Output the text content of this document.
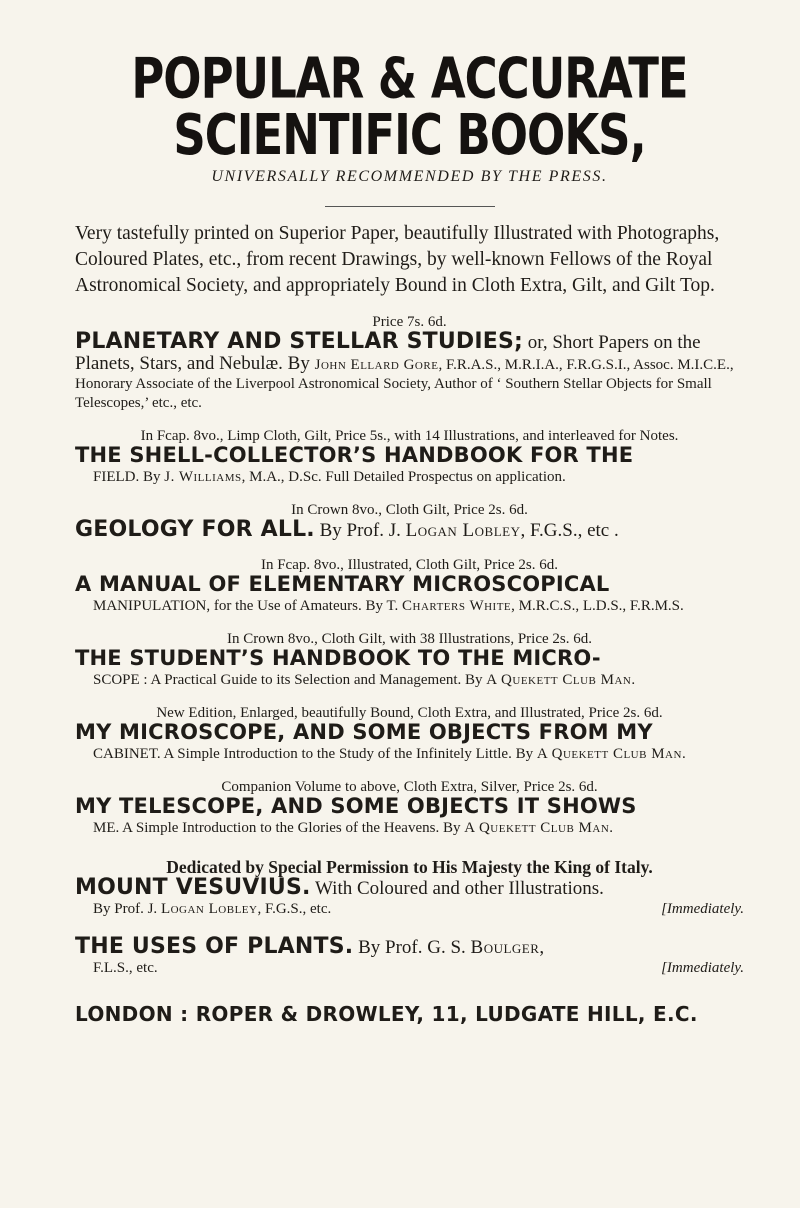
POPULAR & ACCURATE SCIENTIFIC BOOKS,
UNIVERSALLY RECOMMENDED BY THE PRESS.

Very tastefully printed on Superior Paper, beautifully Illustrated with Photographs, Coloured Plates, etc., from recent Drawings, by well-known Fellows of the Royal Astronomical Society, and appropriately Bound in Cloth Extra, Gilt, and Gilt Top.

Price 7s. 6d.

PLANETARY AND STELLAR STUDIES; or, Short Papers on the Planets, Stars, and Nebulæ. By John Ellard Gore, F.R.A.S., M.R.I.A., F.R.G.S.I., Assoc. M.I.C.E., Honorary Associate of the Liverpool Astronomical Society, Author of ‘ Southern Stellar Objects for Small Telescopes,’ etc., etc.

In Fcap. 8vo., Limp Cloth, Gilt, Price 5s., with 14 Illustrations, and interleaved for Notes.

THE SHELL-COLLECTOR’S HANDBOOK FOR THE

FIELD. By J. Williams, M.A., D.Sc. Full Detailed Prospectus on application.

In Crown 8vo., Cloth Gilt, Price 2s. 6d.

GEOLOGY FOR ALL. By Prof. J. Logan Lobley, F.G.S., etc .

In Fcap. 8vo., Illustrated, Cloth Gilt, Price 2s. 6d.

A MANUAL OF ELEMENTARY MICROSCOPICAL

MANIPULATION, for the Use of Amateurs. By T. Charters White, M.R.C.S., L.D.S., F.R.M.S.

In Crown 8vo., Cloth Gilt, with 38 Illustrations, Price 2s. 6d.

THE STUDENT’S HANDBOOK TO THE MICRO-

SCOPE : A Practical Guide to its Selection and Management. By A Quekett Club Man.

New Edition, Enlarged, beautifully Bound, Cloth Extra, and Illustrated, Price 2s. 6d.

MY MICROSCOPE, AND SOME OBJECTS FROM MY

CABINET. A Simple Introduction to the Study of the Infinitely Little. By A Quekett Club Man.

Companion Volume to above, Cloth Extra, Silver, Price 2s. 6d.

MY TELESCOPE, AND SOME OBJECTS IT SHOWS

ME. A Simple Introduction to the Glories of the Heavens. By A Quekett Club Man.

Dedicated by Special Permission to His Majesty the King of Italy.

MOUNT VESUVIUS. With Coloured and other Illustrations.

By Prof. J. Logan Lobley, F.G.S., etc.	[Immediately.

THE USES OF PLANTS. By Prof. G. S. Boulger,

F.L.S., etc.	[Immediately.

LONDON : ROPER & DROWLEY, 11, LUDGATE HILL, E.C.
